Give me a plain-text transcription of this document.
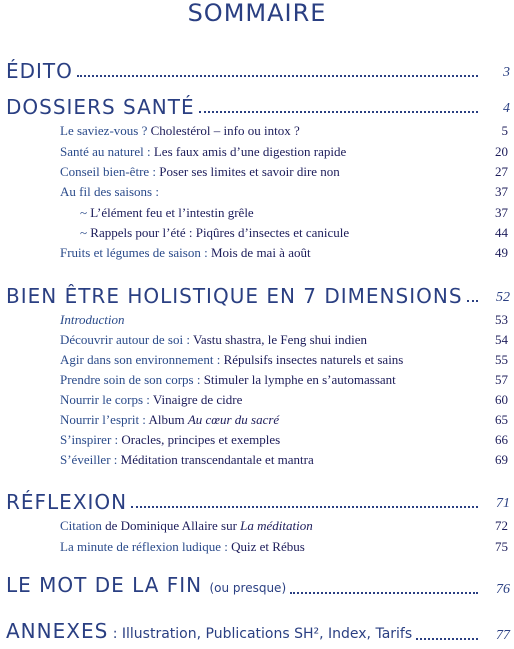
SOMMAIRE
ÉDITO	3
DOSSIERS SANTÉ	4
Le saviez-vous ? Cholestérol – info ou intox ?	5
Santé au naturel : Les faux amis d’une digestion rapide	20
Conseil bien-être : Poser ses limites et savoir dire non	27
Au fil des saisons :	37
~ L’élément feu et l’intestin grêle	37
~ Rappels pour l’été : Piqûres d’insectes et canicule	44
Fruits et légumes de saison : Mois de mai à août	49
BIEN ÊTRE HOLISTIQUE EN 7 DIMENSIONS	52
Introduction	53
Découvrir autour de soi : Vastu shastra, le Feng shui indien	54
Agir dans son environnement : Répulsifs insectes naturels et sains	55
Prendre soin de son corps : Stimuler la lymphe en s’automassant	57
Nourrir le corps : Vinaigre de cidre	60
Nourrir l’esprit : Album Au cœur du sacré	65
S’inspirer : Oracles, principes et exemples	66
S’éveiller : Méditation transcendantale et mantra	69
RÉFLEXION	71
Citation de Dominique Allaire sur La méditation	72
La minute de réflexion ludique : Quiz et Rébus	75
LE MOT DE LA FIN (ou presque)	76
ANNEXES : Illustration, Publications SH², Index, Tarifs	77
